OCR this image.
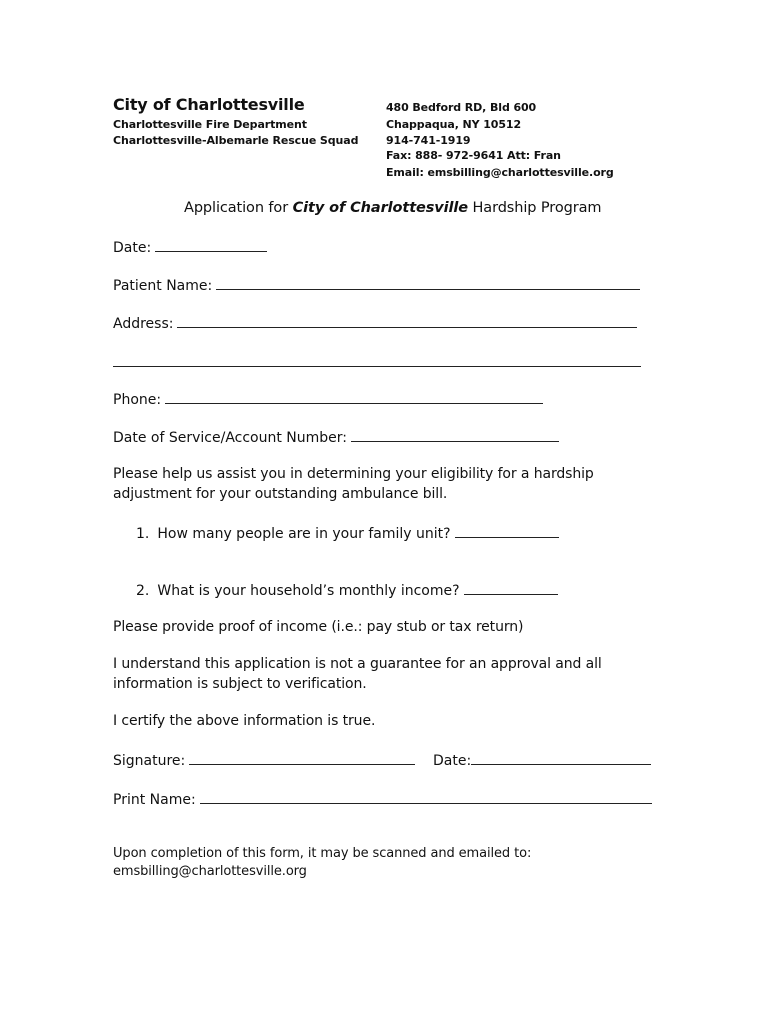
City of Charlottesville
Charlottesville Fire Department
Charlottesville-Albemarle Rescue Squad
480 Bedford RD, Bld 600
Chappaqua, NY 10512
914-741-1919
Fax: 888- 972-9641 Att: Fran
Email: emsbilling@charlottesville.org
Application for City of Charlottesville Hardship Program
Date:
Patient Name:
Address:
Phone:
Date of Service/Account Number:
Please help us assist you in determining your eligibility for a hardship
adjustment for your outstanding ambulance bill.
1. How many people are in your family unit?
2. What is your household’s monthly income?
Please provide proof of income (i.e.: pay stub or tax return)
I understand this application is not a guarantee for an approval and all
information is subject to verification.
I certify the above information is true.
Signature:	Date:
Print Name:
Upon completion of this form, it may be scanned and emailed to:
emsbilling@charlottesville.org
